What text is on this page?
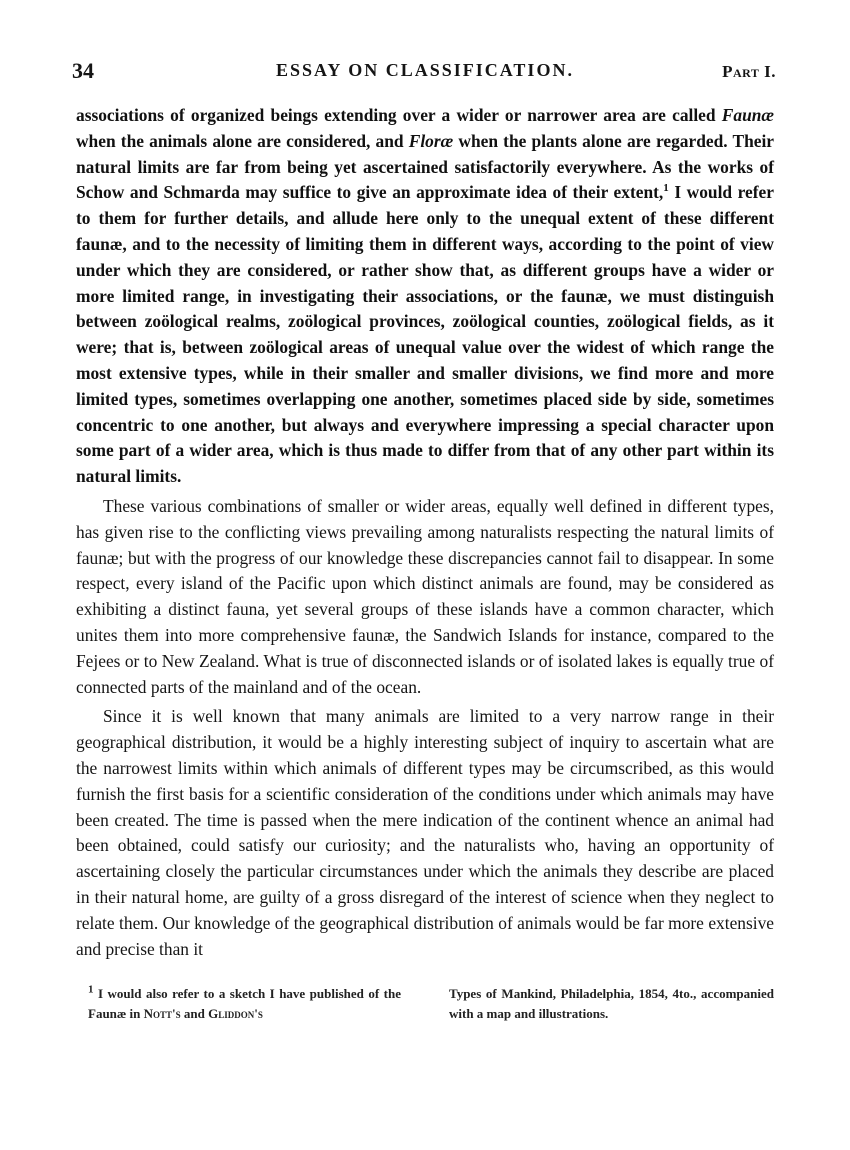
34	ESSAY ON CLASSIFICATION.	Part I.

associations of organized beings extending over a wider or narrower area are called Faunæ when the animals alone are considered, and Floræ when the plants alone are regarded. Their natural limits are far from being yet ascertained satisfactorily everywhere. As the works of Schow and Schmarda may suffice to give an approximate idea of their extent,$^1$ I would refer to them for further details, and allude here only to the unequal extent of these different faunæ, and to the necessity of limiting them in different ways, according to the point of view under which they are considered, or rather show that, as different groups have a wider or more limited range, in investigating their associations, or the faunæ, we must distinguish between zoölogical realms, zoölogical provinces, zoölogical counties, zoölogical fields, as it were; that is, between zoölogical areas of unequal value over the widest of which range the most extensive types, while in their smaller and smaller divisions, we find more and more limited types, sometimes overlapping one another, sometimes placed side by side, sometimes concentric to one another, but always and everywhere impressing a special character upon some part of a wider area, which is thus made to differ from that of any other part within its natural limits.

These various combinations of smaller or wider areas, equally well defined in different types, has given rise to the conflicting views prevailing among naturalists respecting the natural limits of faunæ; but with the progress of our knowledge these discrepancies cannot fail to disappear. In some respect, every island of the Pacific upon which distinct animals are found, may be considered as exhibiting a distinct fauna, yet several groups of these islands have a common character, which unites them into more comprehensive faunæ, the Sandwich Islands for instance, compared to the Fejees or to New Zealand. What is true of disconnected islands or of isolated lakes is equally true of connected parts of the mainland and of the ocean.

Since it is well known that many animals are limited to a very narrow range in their geographical distribution, it would be a highly interesting subject of inquiry to ascertain what are the narrowest limits within which animals of different types may be circumscribed, as this would furnish the first basis for a scientific consideration of the conditions under which animals may have been created. The time is passed when the mere indication of the continent whence an animal had been obtained, could satisfy our curiosity; and the naturalists who, having an opportunity of ascertaining closely the particular circumstances under which the animals they describe are placed in their natural home, are guilty of a gross disregard of the interest of science when they neglect to relate them. Our knowledge of the geographical distribution of animals would be far more extensive and precise than it

$^1$ I would also refer to a sketch I have published of the Faunæ in Nott's and Gliddon's
Types of Mankind, Philadelphia, 1854, 4to., accompanied with a map and illustrations.
